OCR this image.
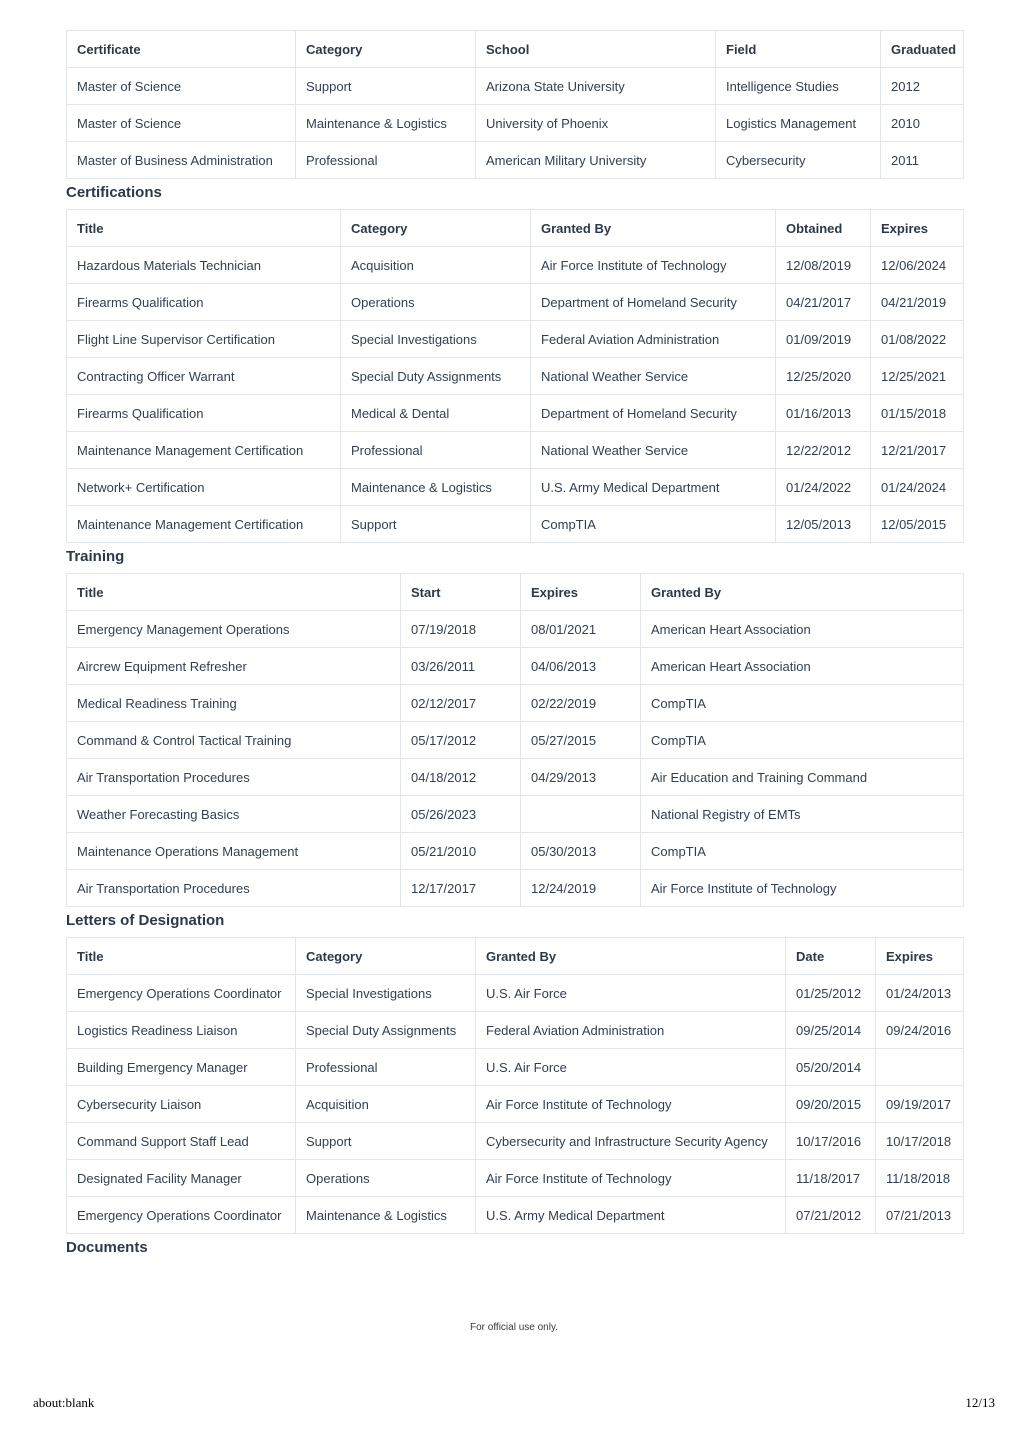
Certificate	Category	School	Field	Graduated
Master of Science	Support	Arizona State University	Intelligence Studies	2012
Master of Science	Maintenance & Logistics	University of Phoenix	Logistics Management	2010
Master of Business Administration	Professional	American Military University	Cybersecurity	2011
Certifications
Title	Category	Granted By	Obtained	Expires
Hazardous Materials Technician	Acquisition	Air Force Institute of Technology	12/08/2019	12/06/2024
Firearms Qualification	Operations	Department of Homeland Security	04/21/2017	04/21/2019
Flight Line Supervisor Certification	Special Investigations	Federal Aviation Administration	01/09/2019	01/08/2022
Contracting Officer Warrant	Special Duty Assignments	National Weather Service	12/25/2020	12/25/2021
Firearms Qualification	Medical & Dental	Department of Homeland Security	01/16/2013	01/15/2018
Maintenance Management Certification	Professional	National Weather Service	12/22/2012	12/21/2017
Network+ Certification	Maintenance & Logistics	U.S. Army Medical Department	01/24/2022	01/24/2024
Maintenance Management Certification	Support	CompTIA	12/05/2013	12/05/2015
Training
Title	Start	Expires	Granted By
Emergency Management Operations	07/19/2018	08/01/2021	American Heart Association
Aircrew Equipment Refresher	03/26/2011	04/06/2013	American Heart Association
Medical Readiness Training	02/12/2017	02/22/2019	CompTIA
Command & Control Tactical Training	05/17/2012	05/27/2015	CompTIA
Air Transportation Procedures	04/18/2012	04/29/2013	Air Education and Training Command
Weather Forecasting Basics	05/26/2023		National Registry of EMTs
Maintenance Operations Management	05/21/2010	05/30/2013	CompTIA
Air Transportation Procedures	12/17/2017	12/24/2019	Air Force Institute of Technology
Letters of Designation
Title	Category	Granted By	Date	Expires
Emergency Operations Coordinator	Special Investigations	U.S. Air Force	01/25/2012	01/24/2013
Logistics Readiness Liaison	Special Duty Assignments	Federal Aviation Administration	09/25/2014	09/24/2016
Building Emergency Manager	Professional	U.S. Air Force	05/20/2014	
Cybersecurity Liaison	Acquisition	Air Force Institute of Technology	09/20/2015	09/19/2017
Command Support Staff Lead	Support	Cybersecurity and Infrastructure Security Agency	10/17/2016	10/17/2018
Designated Facility Manager	Operations	Air Force Institute of Technology	11/18/2017	11/18/2018
Emergency Operations Coordinator	Maintenance & Logistics	U.S. Army Medical Department	07/21/2012	07/21/2013
Documents
For official use only.
about:blank	12/13
